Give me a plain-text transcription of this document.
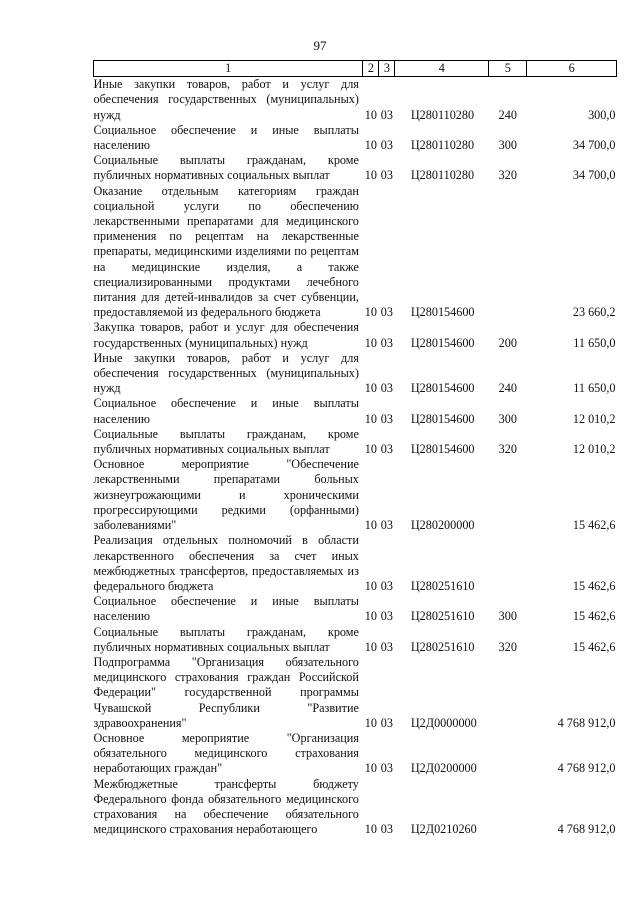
97
1	2	3	4	5	6
Иные закупки товаров, работ и услуг для обеспечения государственных (муниципальных) нужд	10	03	Ц280110280	240	300,0
Социальное обеспечение и иные выплаты населению	10	03	Ц280110280	300	34 700,0
Социальные выплаты гражданам, кроме публичных нормативных социальных выплат	10	03	Ц280110280	320	34 700,0
Оказание отдельным категориям граждан социальной услуги по обеспечению лекарственными препаратами для медицинского применения по рецептам на лекарственные препараты, медицинскими изделиями по рецептам на медицинские изделия, а также специализированными продуктами лечебного питания для детей-инвалидов за счет субвенции, предоставляемой из федерального бюджета	10	03	Ц280154600		23 660,2
Закупка товаров, работ и услуг для обеспечения государственных (муниципальных) нужд	10	03	Ц280154600	200	11 650,0
Иные закупки товаров, работ и услуг для обеспечения государственных (муниципальных) нужд	10	03	Ц280154600	240	11 650,0
Социальное обеспечение и иные выплаты населению	10	03	Ц280154600	300	12 010,2
Социальные выплаты гражданам, кроме публичных нормативных социальных выплат	10	03	Ц280154600	320	12 010,2
Основное мероприятие "Обеспечение лекарственными препаратами больных жизнеугрожающими и хроническими прогрессирующими редкими (орфанными) заболеваниями"	10	03	Ц280200000		15 462,6
Реализация отдельных полномочий в области лекарственного обеспечения за счет иных межбюджетных трансфертов, предоставляемых из федерального бюджета	10	03	Ц280251610		15 462,6
Социальное обеспечение и иные выплаты населению	10	03	Ц280251610	300	15 462,6
Социальные выплаты гражданам, кроме публичных нормативных социальных выплат	10	03	Ц280251610	320	15 462,6
Подпрограмма "Организация обязательного медицинского страхования граждан Российской Федерации" государственной программы Чувашской Республики "Развитие здравоохранения"	10	03	Ц2Д0000000		4 768 912,0
Основное мероприятие "Организация обязательного медицинского страхования неработающих граждан"	10	03	Ц2Д0200000		4 768 912,0
Межбюджетные трансферты бюджету Федерального фонда обязательного медицинского страхования на обеспечение обязательного медицинского страхования неработающего	10	03	Ц2Д0210260		4 768 912,0
